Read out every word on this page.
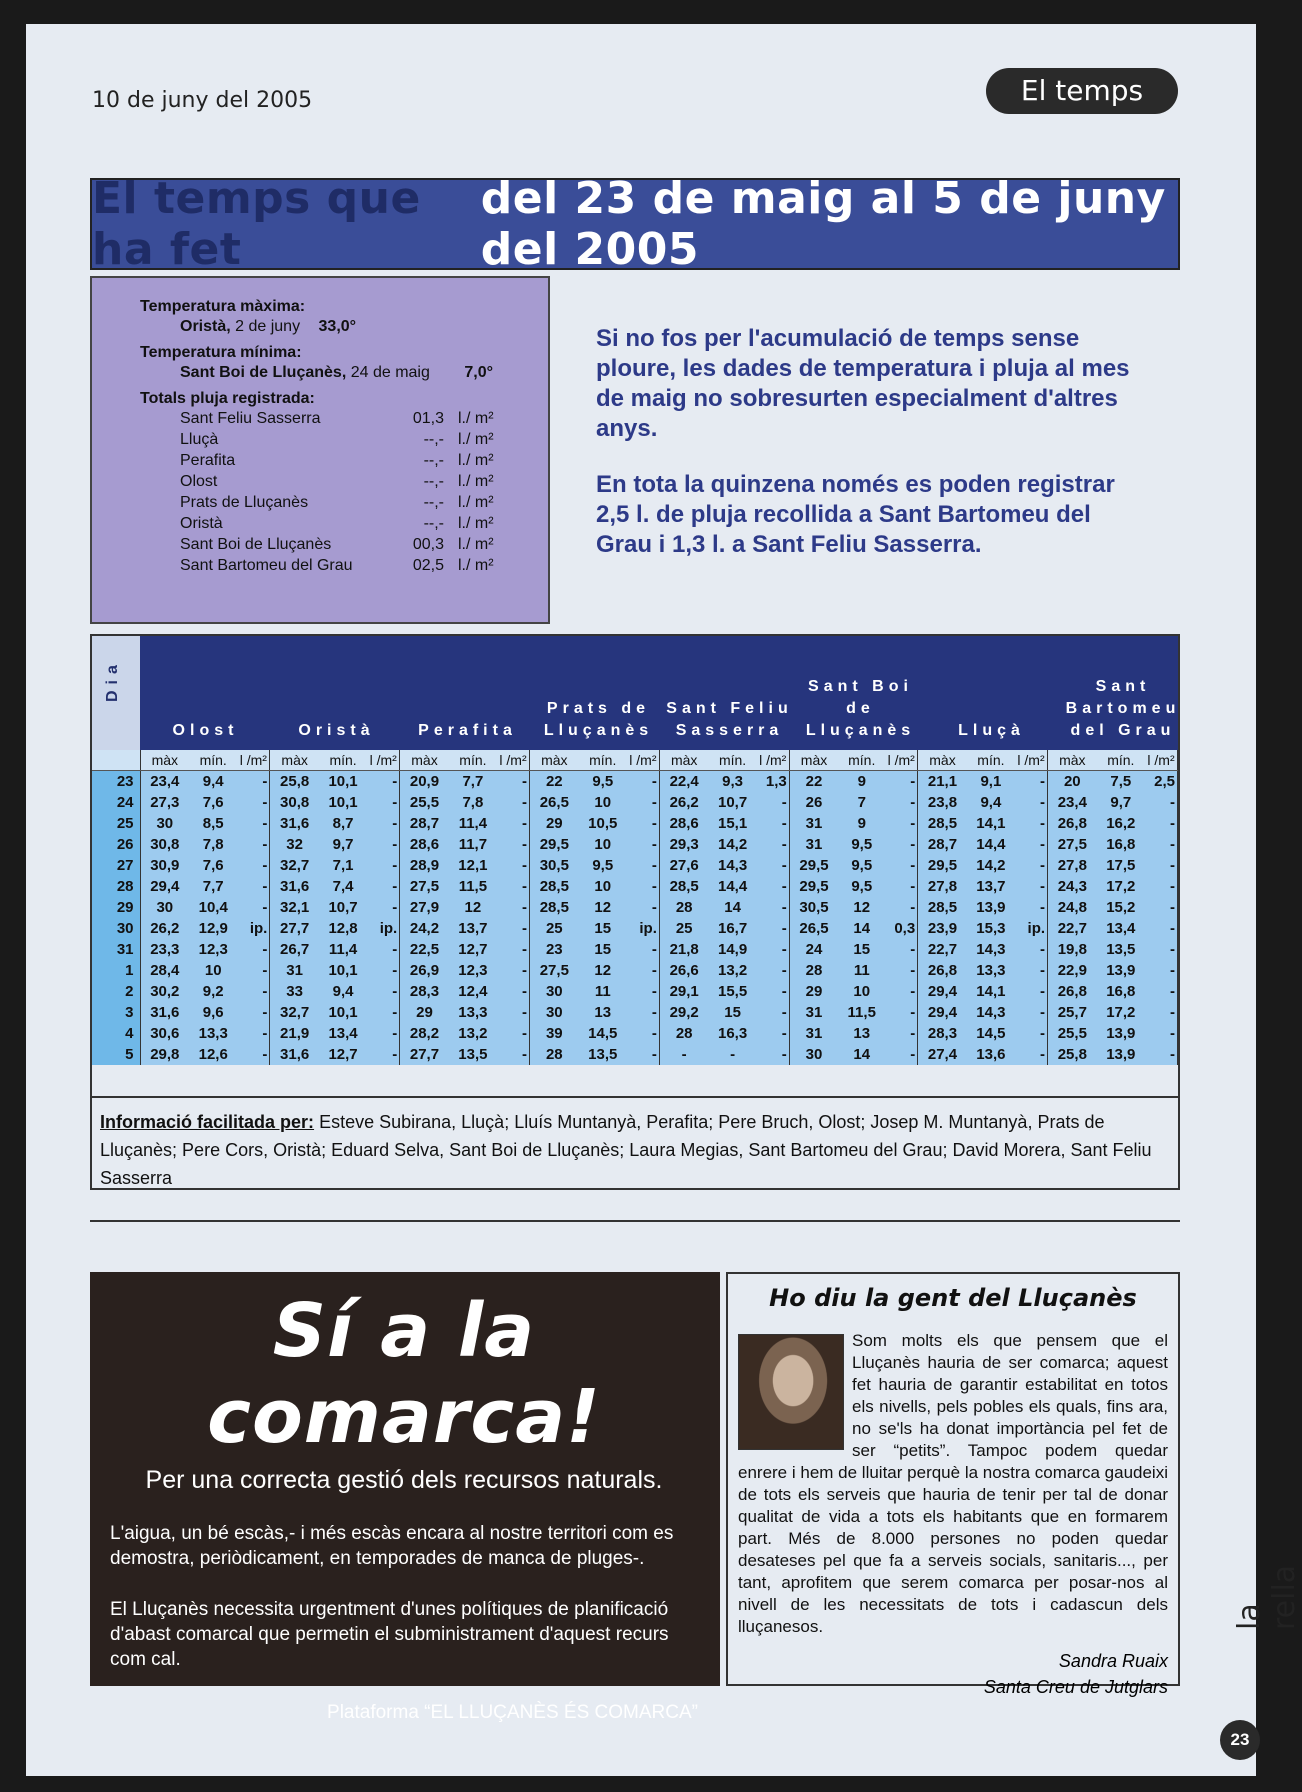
10 de juny del 2005	El temps
El temps que ha fet
del 23 de maig al 5 de juny del 2005
Temperatura màxima:
Oristà, 2 de juny 33,0°
Temperatura mínima:
Sant Boi de Lluçanès, 24 de maig 7,0°
Totals pluja registrada:
Sant Feliu Sasserra	01,3 l./ m²
Lluçà	--,- l./ m²
Perafita	--,- l./ m²
Olost	--,- l./ m²
Prats de Lluçanès	--,- l./ m²
Oristà	--,- l./ m²
Sant Boi de Lluçanès	00,3 l./ m²
Sant Bartomeu del Grau	02,5 l./ m²

Si no fos per l'acumulació de temps sense ploure, les dades de temperatura i pluja al mes de maig no sobresurten especialment d'altres anys.

En tota la quinzena només es poden registrar 2,5 l. de pluja recollida a Sant Bartomeu del Grau i 1,3 l. a Sant Feliu Sasserra.

Dia
Olost	Oristà	Perafita
Prats de
Lluçanès
Sant Feliu
Sasserra
Sant Boi de
Lluçanès	Lluçà
Sant
Bartomeu
del Grau
	màx	mín.	l /m²	màx	mín.	l /m²	màx	mín.	l /m²	màx	mín.	l /m²	màx	mín.	l /m²	màx	mín.	l /m²	màx	mín.	l /m²	màx	mín.	l /m²
23	23,4	9,4	-	25,8	10,1	-	20,9	7,7	-	22	9,5	-	22,4	9,3	1,3	22	9	-	21,1	9,1	-	20	7,5	2,5
24	27,3	7,6	-	30,8	10,1	-	25,5	7,8	-	26,5	10	-	26,2	10,7	-	26	7	-	23,8	9,4	-	23,4	9,7	-
25	30	8,5	-	31,6	8,7	-	28,7	11,4	-	29	10,5	-	28,6	15,1	-	31	9	-	28,5	14,1	-	26,8	16,2	-
26	30,8	7,8	-	32	9,7	-	28,6	11,7	-	29,5	10	-	29,3	14,2	-	31	9,5	-	28,7	14,4	-	27,5	16,8	-
27	30,9	7,6	-	32,7	7,1	-	28,9	12,1	-	30,5	9,5	-	27,6	14,3	-	29,5	9,5	-	29,5	14,2	-	27,8	17,5	-
28	29,4	7,7	-	31,6	7,4	-	27,5	11,5	-	28,5	10	-	28,5	14,4	-	29,5	9,5	-	27,8	13,7	-	24,3	17,2	-
29	30	10,4	-	32,1	10,7	-	27,9	12	-	28,5	12	-	28	14	-	30,5	12	-	28,5	13,9	-	24,8	15,2	-
30	26,2	12,9	ip.	27,7	12,8	ip.	24,2	13,7	-	25	15	ip.	25	16,7	-	26,5	14	0,3	23,9	15,3	ip.	22,7	13,4	-
31	23,3	12,3	-	26,7	11,4	-	22,5	12,7	-	23	15	-	21,8	14,9	-	24	15	-	22,7	14,3	-	19,8	13,5	-
1	28,4	10	-	31	10,1	-	26,9	12,3	-	27,5	12	-	26,6	13,2	-	28	11	-	26,8	13,3	-	22,9	13,9	-
2	30,2	9,2	-	33	9,4	-	28,3	12,4	-	30	11	-	29,1	15,5	-	29	10	-	29,4	14,1	-	26,8	16,8	-
3	31,6	9,6	-	32,7	10,1	-	29	13,3	-	30	13	-	29,2	15	-	31	11,5	-	29,4	14,3	-	25,7	17,2	-
4	30,6	13,3	-	21,9	13,4	-	28,2	13,2	-	39	14,5	-	28	16,3	-	31	13	-	28,3	14,5	-	25,5	13,9	-
5	29,8	12,6	-	31,6	12,7	-	27,7	13,5	-	28	13,5	-	-	-	-	30	14	-	27,4	13,6	-	25,8	13,9	-
Informació facilitada per: Esteve Subirana, Lluçà; Lluís Muntanyà, Perafita; Pere Bruch, Olost; Josep M. Muntanyà, Prats de Lluçanès; Pere Cors, Oristà; Eduard Selva, Sant Boi de Lluçanès; Laura Megias, Sant Bartomeu del Grau; David Morera, Sant Feliu Sasserra
Sí a la comarca!
Per una correcta gestió dels recursos naturals.

L'aigua, un bé escàs,- i més escàs encara al nostre territori com es demostra, periòdicament, en temporades de manca de pluges-.

El Lluçanès necessita urgentment d'unes polítiques de planificació d'abast comarcal que permetin el subministrament d'aquest recurs com cal.

Plataforma “EL LLUÇANÈS ÉS COMARCA”
Ho diu la gent del Lluçanès
Som molts els que pensem que el Lluçanès hauria de ser comarca; aquest fet hauria de garantir estabilitat en totos els nivells, pels pobles els quals, fins ara, no se'ls ha donat importància pel fet de ser “petits”. Tampoc podem quedar enrere i hem de lluitar perquè la nostra comarca gaudeixi de tots els serveis que hauria de tenir per tal de donar qualitat de vida a tots els habitants que en formarem part. Més de 8.000 persones no poden quedar desateses pel que fa a serveis socials, sanitaris..., per tant, aprofitem que serem comarca per posar-nos al nivell de les necessitats de tots i cadascun dels lluçanesos.
Sandra Ruaix
Santa Creu de Jutglars
la rella
23
